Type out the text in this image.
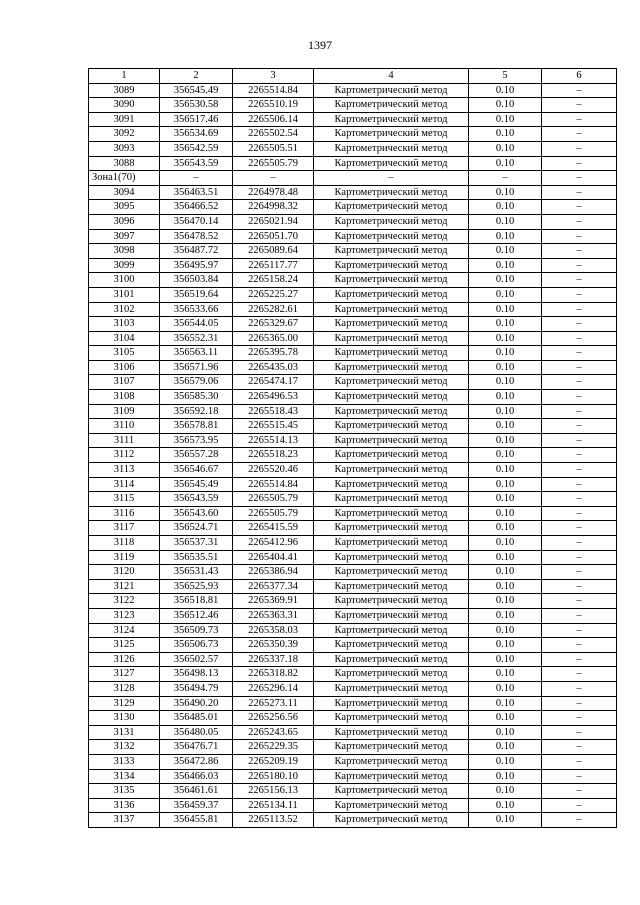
1397
1	2	3	4	5	6
3089	356545.49	2265514.84	Картометрический метод	0.10	–
3090	356530.58	2265510.19	Картометрический метод	0.10	–
3091	356517.46	2265506.14	Картометрический метод	0.10	–
3092	356534.69	2265502.54	Картометрический метод	0.10	–
3093	356542.59	2265505.51	Картометрический метод	0.10	–
3088	356543.59	2265505.79	Картометрический метод	0.10	–
Зона1(70)	–	–	–	–	–
3094	356463.51	2264978.48	Картометрический метод	0.10	–
3095	356466.52	2264998.32	Картометрический метод	0.10	–
3096	356470.14	2265021.94	Картометрический метод	0.10	–
3097	356478.52	2265051.70	Картометрический метод	0.10	–
3098	356487.72	2265089.64	Картометрический метод	0.10	–
3099	356495.97	2265117.77	Картометрический метод	0.10	–
3100	356503.84	2265158.24	Картометрический метод	0.10	–
3101	356519.64	2265225.27	Картометрический метод	0.10	–
3102	356533.66	2265282.61	Картометрический метод	0.10	–
3103	356544.05	2265329.67	Картометрический метод	0.10	–
3104	356552.31	2265365.00	Картометрический метод	0.10	–
3105	356563.11	2265395.78	Картометрический метод	0.10	–
3106	356571.96	2265435.03	Картометрический метод	0.10	–
3107	356579.06	2265474.17	Картометрический метод	0.10	–
3108	356585.30	2265496.53	Картометрический метод	0.10	–
3109	356592.18	2265518.43	Картометрический метод	0.10	–
3110	356578.81	2265515.45	Картометрический метод	0.10	–
3111	356573.95	2265514.13	Картометрический метод	0.10	–
3112	356557.28	2265518.23	Картометрический метод	0.10	–
3113	356546.67	2265520.46	Картометрический метод	0.10	–
3114	356545.49	2265514.84	Картометрический метод	0.10	–
3115	356543.59	2265505.79	Картометрический метод	0.10	–
3116	356543.60	2265505.79	Картометрический метод	0.10	–
3117	356524.71	2265415.59	Картометрический метод	0.10	–
3118	356537.31	2265412.96	Картометрический метод	0.10	–
3119	356535.51	2265404.41	Картометрический метод	0.10	–
3120	356531.43	2265386.94	Картометрический метод	0.10	–
3121	356525.93	2265377.34	Картометрический метод	0.10	–
3122	356518.81	2265369.91	Картометрический метод	0.10	–
3123	356512.46	2265363.31	Картометрический метод	0.10	–
3124	356509.73	2265358.03	Картометрический метод	0.10	–
3125	356506.73	2265350.39	Картометрический метод	0.10	–
3126	356502.57	2265337.18	Картометрический метод	0.10	–
3127	356498.13	2265318.82	Картометрический метод	0.10	–
3128	356494.79	2265296.14	Картометрический метод	0.10	–
3129	356490.20	2265273.11	Картометрический метод	0.10	–
3130	356485.01	2265256.56	Картометрический метод	0.10	–
3131	356480.05	2265243.65	Картометрический метод	0.10	–
3132	356476.71	2265229.35	Картометрический метод	0.10	–
3133	356472.86	2265209.19	Картометрический метод	0.10	–
3134	356466.03	2265180.10	Картометрический метод	0.10	–
3135	356461.61	2265156.13	Картометрический метод	0.10	–
3136	356459.37	2265134.11	Картометрический метод	0.10	–
3137	356455.81	2265113.52	Картометрический метод	0.10	–
